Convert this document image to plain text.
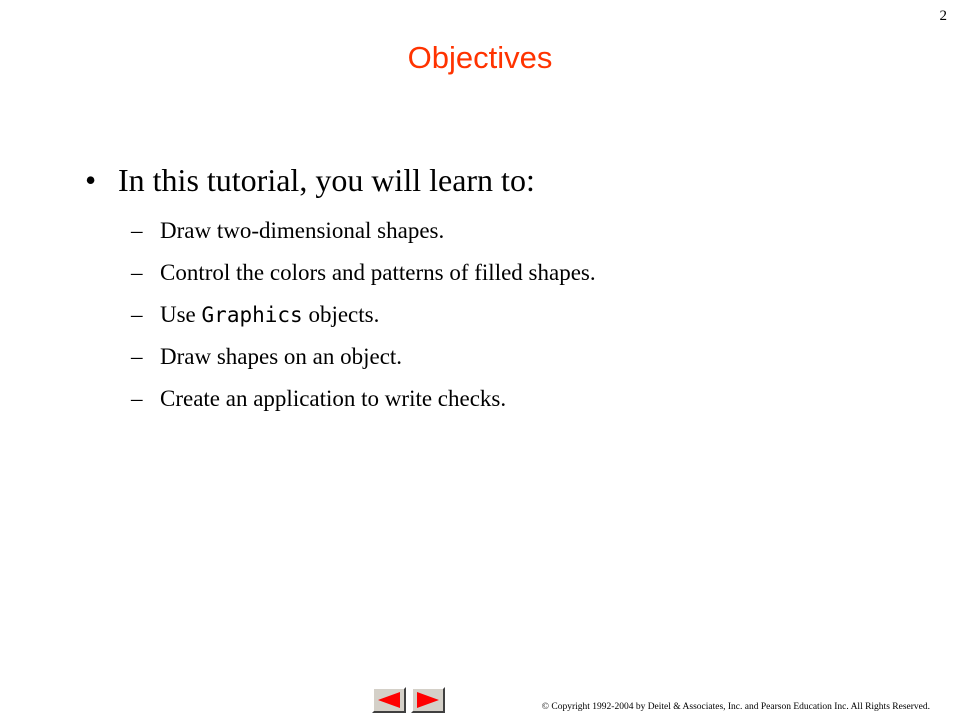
2
Objectives
• In this tutorial, you will learn to:
– Draw two-dimensional shapes.
– Control the colors and patterns of filled shapes.
– Use Graphics objects.
– Draw shapes on an object.
– Create an application to write checks.
© Copyright 1992-2004 by Deitel & Associates, Inc. and Pearson Education Inc. All Rights Reserved.
